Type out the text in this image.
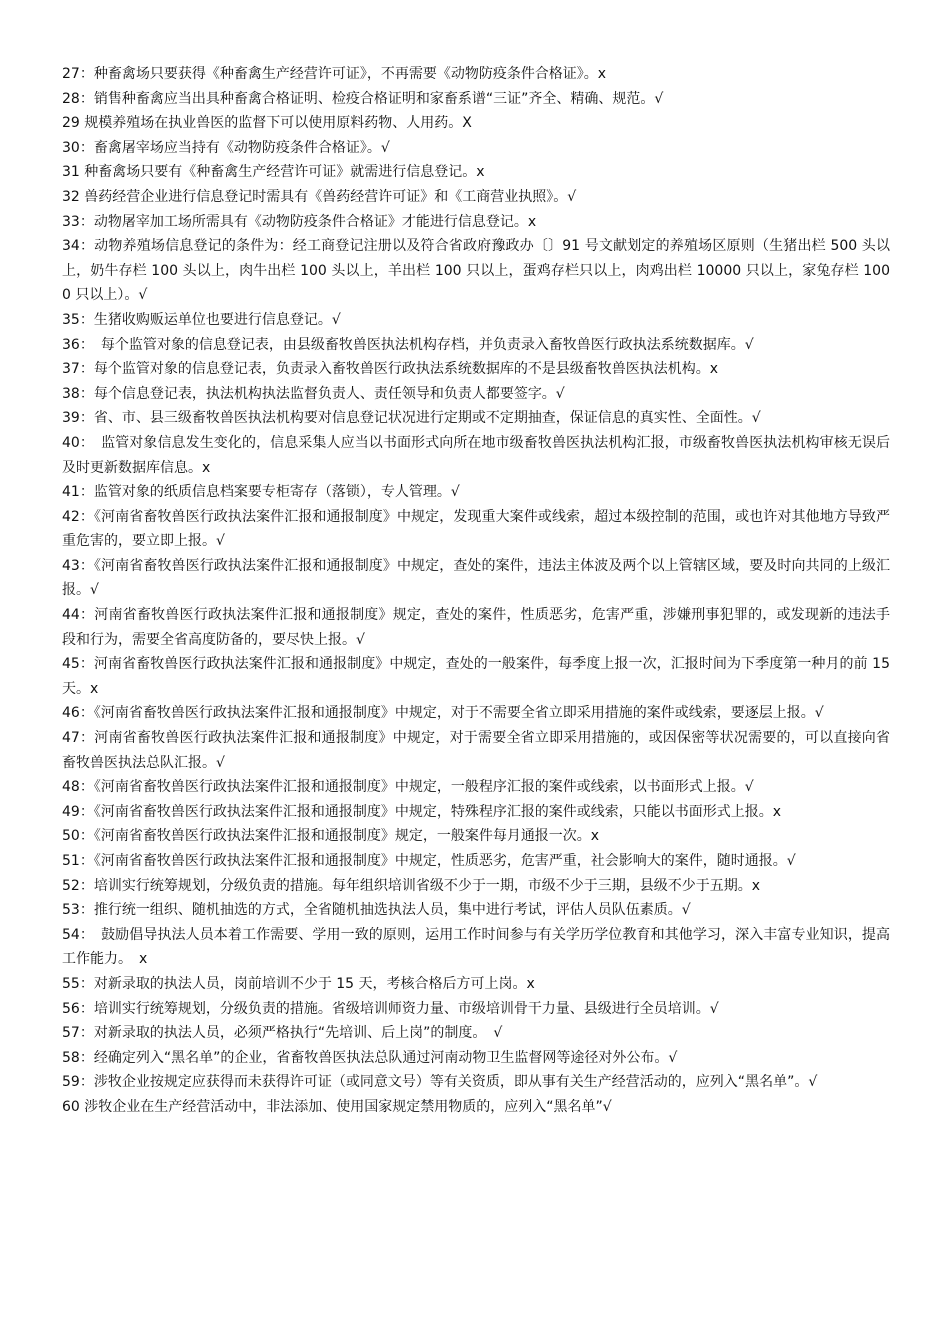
27：种畜禽场只要获得《种畜禽生产经营许可证》，不再需要《动物防疫条件合格证》。x

28：销售种畜禽应当出具种畜禽合格证明、检疫合格证明和家畜系谱“三证”齐全、精确、规范。√

29 规模养殖场在执业兽医的监督下可以使用原料药物、人用药。X

30：畜禽屠宰场应当持有《动物防疫条件合格证》。√

31 种畜禽场只要有《种畜禽生产经营许可证》就需进行信息登记。x

32 兽药经营企业进行信息登记时需具有《兽药经营许可证》和《工商营业执照》。√

33：动物屠宰加工场所需具有《动物防疫条件合格证》才能进行信息登记。x

34：动物养殖场信息登记的条件为：经工商登记注册以及符合省政府豫政办〔〕91 号文献划定的养殖场区原则（生猪出栏 500 头以上，奶牛存栏 100 头以上，肉牛出栏 100 头以上，羊出栏 100 只以上，蛋鸡存栏只以上，肉鸡出栏 10000 只以上，家兔存栏 1000 只以上）。√

35：生猪收购贩运单位也要进行信息登记。√

36：　每个监管对象的信息登记表，由县级畜牧兽医执法机构存档，并负责录入畜牧兽医行政执法系统数据库。√

37：每个监管对象的信息登记表，负责录入畜牧兽医行政执法系统数据库的不是县级畜牧兽医执法机构。x

38：每个信息登记表，执法机构执法监督负责人、责任领导和负责人都要签字。√

39：省、市、县三级畜牧兽医执法机构要对信息登记状况进行定期或不定期抽查，保证信息的真实性、全面性。√

40：　监管对象信息发生变化的，信息采集人应当以书面形式向所在地市级畜牧兽医执法机构汇报，市级畜牧兽医执法机构审核无误后及时更新数据库信息。x

41：监管对象的纸质信息档案要专柜寄存（落锁），专人管理。√

42：《河南省畜牧兽医行政执法案件汇报和通报制度》中规定，发现重大案件或线索，超过本级控制的范围，或也许对其他地方导致严重危害的，要立即上报。√

43：《河南省畜牧兽医行政执法案件汇报和通报制度》中规定，查处的案件，违法主体波及两个以上管辖区域，要及时向共同的上级汇报。√

44：河南省畜牧兽医行政执法案件汇报和通报制度》规定，查处的案件，性质恶劣，危害严重，涉嫌刑事犯罪的，或发现新的违法手段和行为，需要全省高度防备的，要尽快上报。√

45：河南省畜牧兽医行政执法案件汇报和通报制度》中规定，查处的一般案件，每季度上报一次，汇报时间为下季度第一种月的前 15 天。x

46：《河南省畜牧兽医行政执法案件汇报和通报制度》中规定，对于不需要全省立即采用措施的案件或线索，要逐层上报。√

47：河南省畜牧兽医行政执法案件汇报和通报制度》中规定，对于需要全省立即采用措施的，或因保密等状况需要的，可以直接向省畜牧兽医执法总队汇报。√

48：《河南省畜牧兽医行政执法案件汇报和通报制度》中规定，一般程序汇报的案件或线索，以书面形式上报。√

49：《河南省畜牧兽医行政执法案件汇报和通报制度》中规定，特殊程序汇报的案件或线索，只能以书面形式上报。x

50：《河南省畜牧兽医行政执法案件汇报和通报制度》规定，一般案件每月通报一次。x

51：《河南省畜牧兽医行政执法案件汇报和通报制度》中规定，性质恶劣，危害严重，社会影响大的案件，随时通报。√

52：培训实行统筹规划，分级负责的措施。每年组织培训省级不少于一期，市级不少于三期，县级不少于五期。x

53：推行统一组织、随机抽选的方式，全省随机抽选执法人员，集中进行考试，评估人员队伍素质。√

54：　鼓励倡导执法人员本着工作需要、学用一致的原则，运用工作时间参与有关学历学位教育和其他学习，深入丰富专业知识，提高工作能力。　x

55：对新录取的执法人员，岗前培训不少于 15 天，考核合格后方可上岗。x

56：培训实行统筹规划，分级负责的措施。省级培训师资力量、市级培训骨干力量、县级进行全员培训。√

57：对新录取的执法人员，必须严格执行“先培训、后上岗”的制度。　√

58：经确定列入“黑名单”的企业，省畜牧兽医执法总队通过河南动物卫生监督网等途径对外公布。√

59：涉牧企业按规定应获得而未获得许可证（或同意文号）等有关资质，即从事有关生产经营活动的，应列入“黑名单”。√

60 涉牧企业在生产经营活动中，非法添加、使用国家规定禁用物质的，应列入“黑名单”√
